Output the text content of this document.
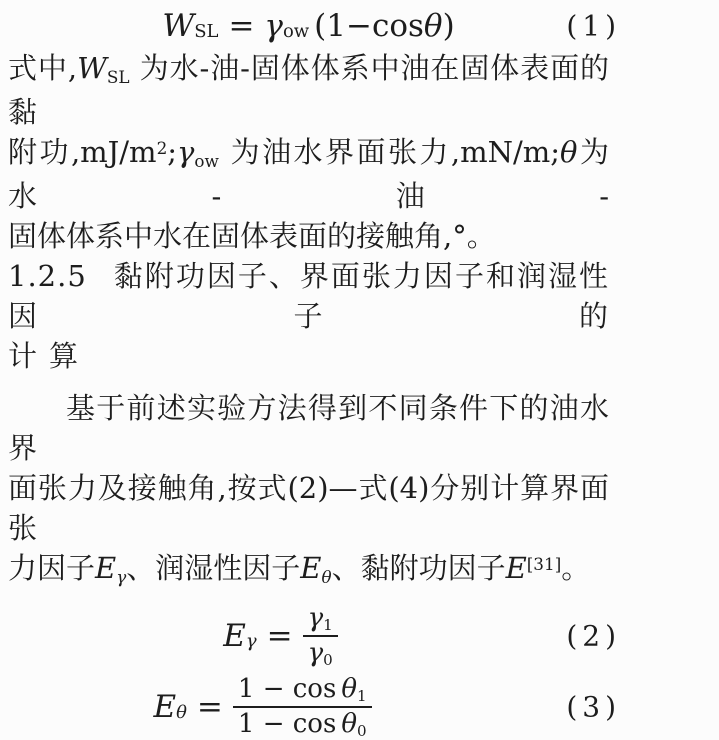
W SL = γ ow ( 1−cos θ )	(1)
式中,WSL 为水-油-固体体系中油在固体表面的黏
附功$,mJ/m^2;\gamma ow$ 为油水界面张力,mN/m;θ为水-油-
固体体系中水在固体表面的接触角,°。
1.2.5 黏附功因子、界面张力因子和润湿性因子的
计算
基于前述实验方法得到不同条件下的油水界
面张力及接触角,按式(2)—式(4)分别计算界面张
力因子Eγ、润湿性因子Eθ、黏附功因子E[31]。
E $\gamma = \frac{\gamma 1}{\gamma 0}$	(2)
E $\theta = \frac{\text{1 − cos θ1}}{\text{1 − cos θ0}}$	(3)
